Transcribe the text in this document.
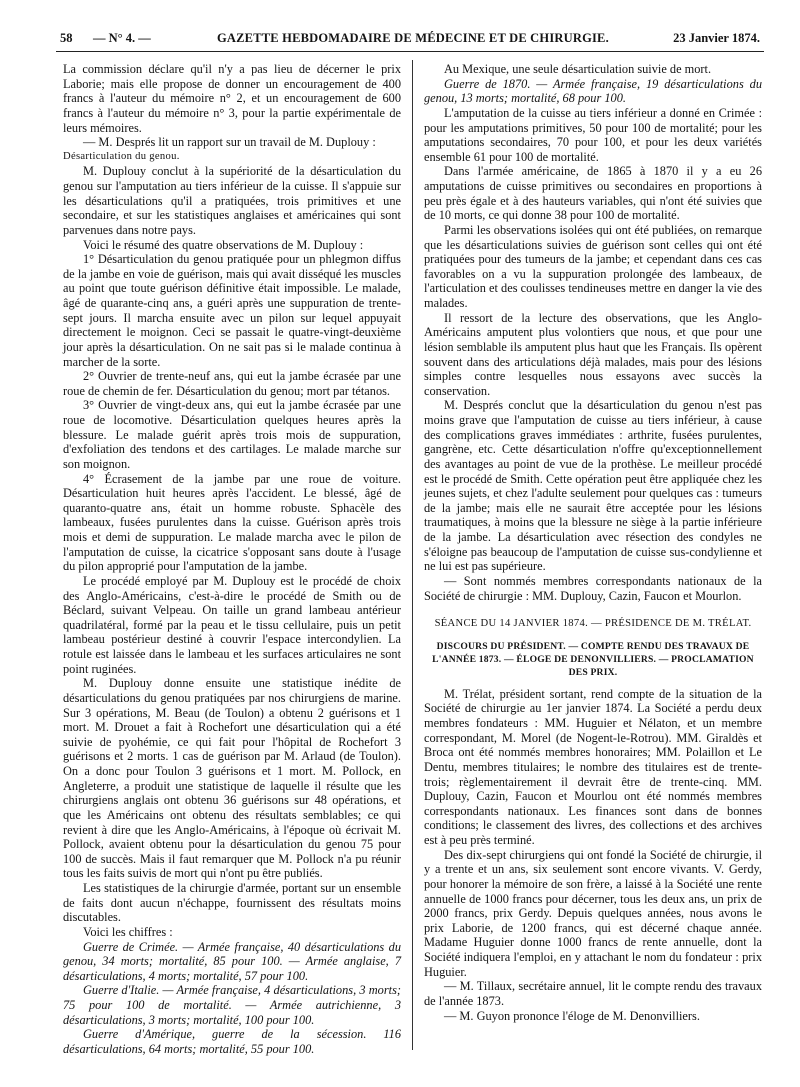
58 — N° 4. —	GAZETTE HEBDOMADAIRE DE MÉDECINE ET DE CHIRURGIE.	23 Janvier 1874.

La commission déclare qu'il n'y a pas lieu de décerner le prix Laborie; mais elle propose de donner un encouragement de 400 francs à l'auteur du mémoire n° 2, et un encouragement de 600 francs à l'auteur du mémoire n° 3, pour la partie expérimentale de leurs mémoires.

— M. Després lit un rapport sur un travail de M. Duplouy :

Désarticulation du genou.

M. Duplouy conclut à la supériorité de la désarticulation du genou sur l'amputation au tiers inférieur de la cuisse. Il s'appuie sur les désarticulations qu'il a pratiquées, trois primitives et une secondaire, et sur les statistiques anglaises et américaines qui sont parvenues dans notre pays.

Voici le résumé des quatre observations de M. Duplouy :

1° Désarticulation du genou pratiquée pour un phlegmon diffus de la jambe en voie de guérison, mais qui avait disséqué les muscles au point que toute guérison définitive était impossible. Le malade, âgé de quarante-cinq ans, a guéri après une suppuration de trente-sept jours. Il marcha ensuite avec un pilon sur lequel appuyait directement le moignon. Ceci se passait le quatre-vingt-deuxième jour après la désarticulation. On ne sait pas si le malade continua à marcher de la sorte.

2° Ouvrier de trente-neuf ans, qui eut la jambe écrasée par une roue de chemin de fer. Désarticulation du genou; mort par tétanos.

3° Ouvrier de vingt-deux ans, qui eut la jambe écrasée par une roue de locomotive. Désarticulation quelques heures après la blessure. Le malade guérit après trois mois de suppuration, d'exfoliation des tendons et des cartilages. Le malade marche sur son moignon.

4° Écrasement de la jambe par une roue de voiture. Désarticulation huit heures après l'accident. Le blessé, âgé de quaranto-quatre ans, était un homme robuste. Sphacèle des lambeaux, fusées purulentes dans la cuisse. Guérison après trois mois et demi de suppuration. Le malade marcha avec le pilon de l'amputation de cuisse, la cicatrice s'opposant sans doute à l'usage du pilon approprié pour l'amputation de la jambe.

Le procédé employé par M. Duplouy est le procédé de choix des Anglo-Américains, c'est-à-dire le procédé de Smith ou de Béclard, suivant Velpeau. On taille un grand lambeau antérieur quadrilatéral, formé par la peau et le tissu cellulaire, puis un petit lambeau postérieur destiné à couvrir l'espace intercondylien. La rotule est laissée dans le lambeau et les surfaces articulaires ne sont point ruginées.

M. Duplouy donne ensuite une statistique inédite de désarticulations du genou pratiquées par nos chirurgiens de marine. Sur 3 opérations, M. Beau (de Toulon) a obtenu 2 guérisons et 1 mort. M. Drouet a fait à Rochefort une désarticulation qui a été suivie de pyohémie, ce qui fait pour l'hôpital de Rochefort 3 guérisons et 2 morts. 1 cas de guérison par M. Arlaud (de Toulon). On a donc pour Toulon 3 guérisons et 1 mort. M. Pollock, en Angleterre, a produit une statistique de laquelle il résulte que les chirurgiens anglais ont obtenu 36 guérisons sur 48 opérations, et que les Américains ont obtenu des résultats semblables; ce qui revient à dire que les Anglo-Américains, à l'époque où écrivait M. Pollock, avaient obtenu pour la désarticulation du genou 75 pour 100 de succès. Mais il faut remarquer que M. Pollock n'a pu réunir tous les faits suivis de mort qui n'ont pu être publiés.

Les statistiques de la chirurgie d'armée, portant sur un ensemble de faits dont aucun n'échappe, fournissent des résultats moins discutables.

Voici les chiffres :

Guerre de Crimée. — Armée française, 40 désarticulations du genou, 34 morts; mortalité, 85 pour 100. — Armée anglaise, 7 désarticulations, 4 morts; mortalité, 57 pour 100.

Guerre d'Italie. — Armée française, 4 désarticulations, 3 morts; 75 pour 100 de mortalité. — Armée autrichienne, 3 désarticulations, 3 morts; mortalité, 100 pour 100.

Guerre d'Amérique, guerre de la sécession. 116 désarticulations, 64 morts; mortalité, 55 pour 100.

Au Mexique, une seule désarticulation suivie de mort.

Guerre de 1870. — Armée française, 19 désarticulations du genou, 13 morts; mortalité, 68 pour 100.

L'amputation de la cuisse au tiers inférieur a donné en Crimée : pour les amputations primitives, 50 pour 100 de mortalité; pour les amputations secondaires, 70 pour 100, et pour les deux variétés ensemble 61 pour 100 de mortalité.

Dans l'armée américaine, de 1865 à 1870 il y a eu 26 amputations de cuisse primitives ou secondaires en proportions à peu près égale et à des hauteurs variables, qui n'ont été suivies que de 10 morts, ce qui donne 38 pour 100 de mortalité.

Parmi les observations isolées qui ont été publiées, on remarque que les désarticulations suivies de guérison sont celles qui ont été pratiquées pour des tumeurs de la jambe; et cependant dans ces cas favorables on a vu la suppuration prolongée des lambeaux, de l'articulation et des coulisses tendineuses mettre en danger la vie des malades.

Il ressort de la lecture des observations, que les Anglo-Américains amputent plus volontiers que nous, et que pour une lésion semblable ils amputent plus haut que les Français. Ils opèrent souvent dans des articulations déjà malades, mais pour des lésions simples contre lesquelles nous essayons avec succès la conservation.

M. Després conclut que la désarticulation du genou n'est pas moins grave que l'amputation de cuisse au tiers inférieur, à cause des complications graves immédiates : arthrite, fusées purulentes, gangrène, etc. Cette désarticulation n'offre qu'exceptionnellement des avantages au point de vue de la prothèse. Le meilleur procédé est le procédé de Smith. Cette opération peut être appliquée chez les jeunes sujets, et chez l'adulte seulement pour quelques cas : tumeurs de la jambe; mais elle ne saurait être acceptée pour les lésions traumatiques, à moins que la blessure ne siège à la partie inférieure de la jambe. La désarticulation avec résection des condyles ne s'éloigne pas beaucoup de l'amputation de cuisse sus-condylienne et ne lui est pas supérieure.

— Sont nommés membres correspondants nationaux de la Société de chirurgie : MM. Duplouy, Cazin, Faucon et Mourlon.

SÉANCE DU 14 JANVIER 1874. — PRÉSIDENCE DE M. TRÉLAT.

DISCOURS DU PRÉSIDENT. — COMPTE RENDU DES TRAVAUX DE L'ANNÉE 1873. — ÉLOGE DE DENONVILLIERS. — PROCLAMATION DES PRIX.

M. Trélat, président sortant, rend compte de la situation de la Société de chirurgie au 1er janvier 1874. La Société a perdu deux membres fondateurs : MM. Huguier et Nélaton, et un membre correspondant, M. Morel (de Nogent-le-Rotrou). MM. Giraldès et Broca ont été nommés membres honoraires; MM. Polaillon et Le Dentu, membres titulaires; le nombre des titulaires est de trente-trois; règlementairement il devrait être de trente-cinq. MM. Duplouy, Cazin, Faucon et Mourlou ont été nommés membres correspondants nationaux. Les finances sont dans de bonnes conditions; le classement des livres, des collections et des archives est à peu près terminé.

Des dix-sept chirurgiens qui ont fondé la Société de chirurgie, il y a trente et un ans, six seulement sont encore vivants. V. Gerdy, pour honorer la mémoire de son frère, a laissé à la Société une rente annuelle de 1000 francs pour décerner, tous les deux ans, un prix de 2000 francs, prix Gerdy. Depuis quelques années, nous avons le prix Laborie, de 1200 francs, qui est décerné chaque année. Madame Huguier donne 1000 francs de rente annuelle, dont la Société indiquera l'emploi, en y attachant le nom du fondateur : prix Huguier.

— M. Tillaux, secrétaire annuel, lit le compte rendu des travaux de l'année 1873.

— M. Guyon prononce l'éloge de M. Denonvilliers.
